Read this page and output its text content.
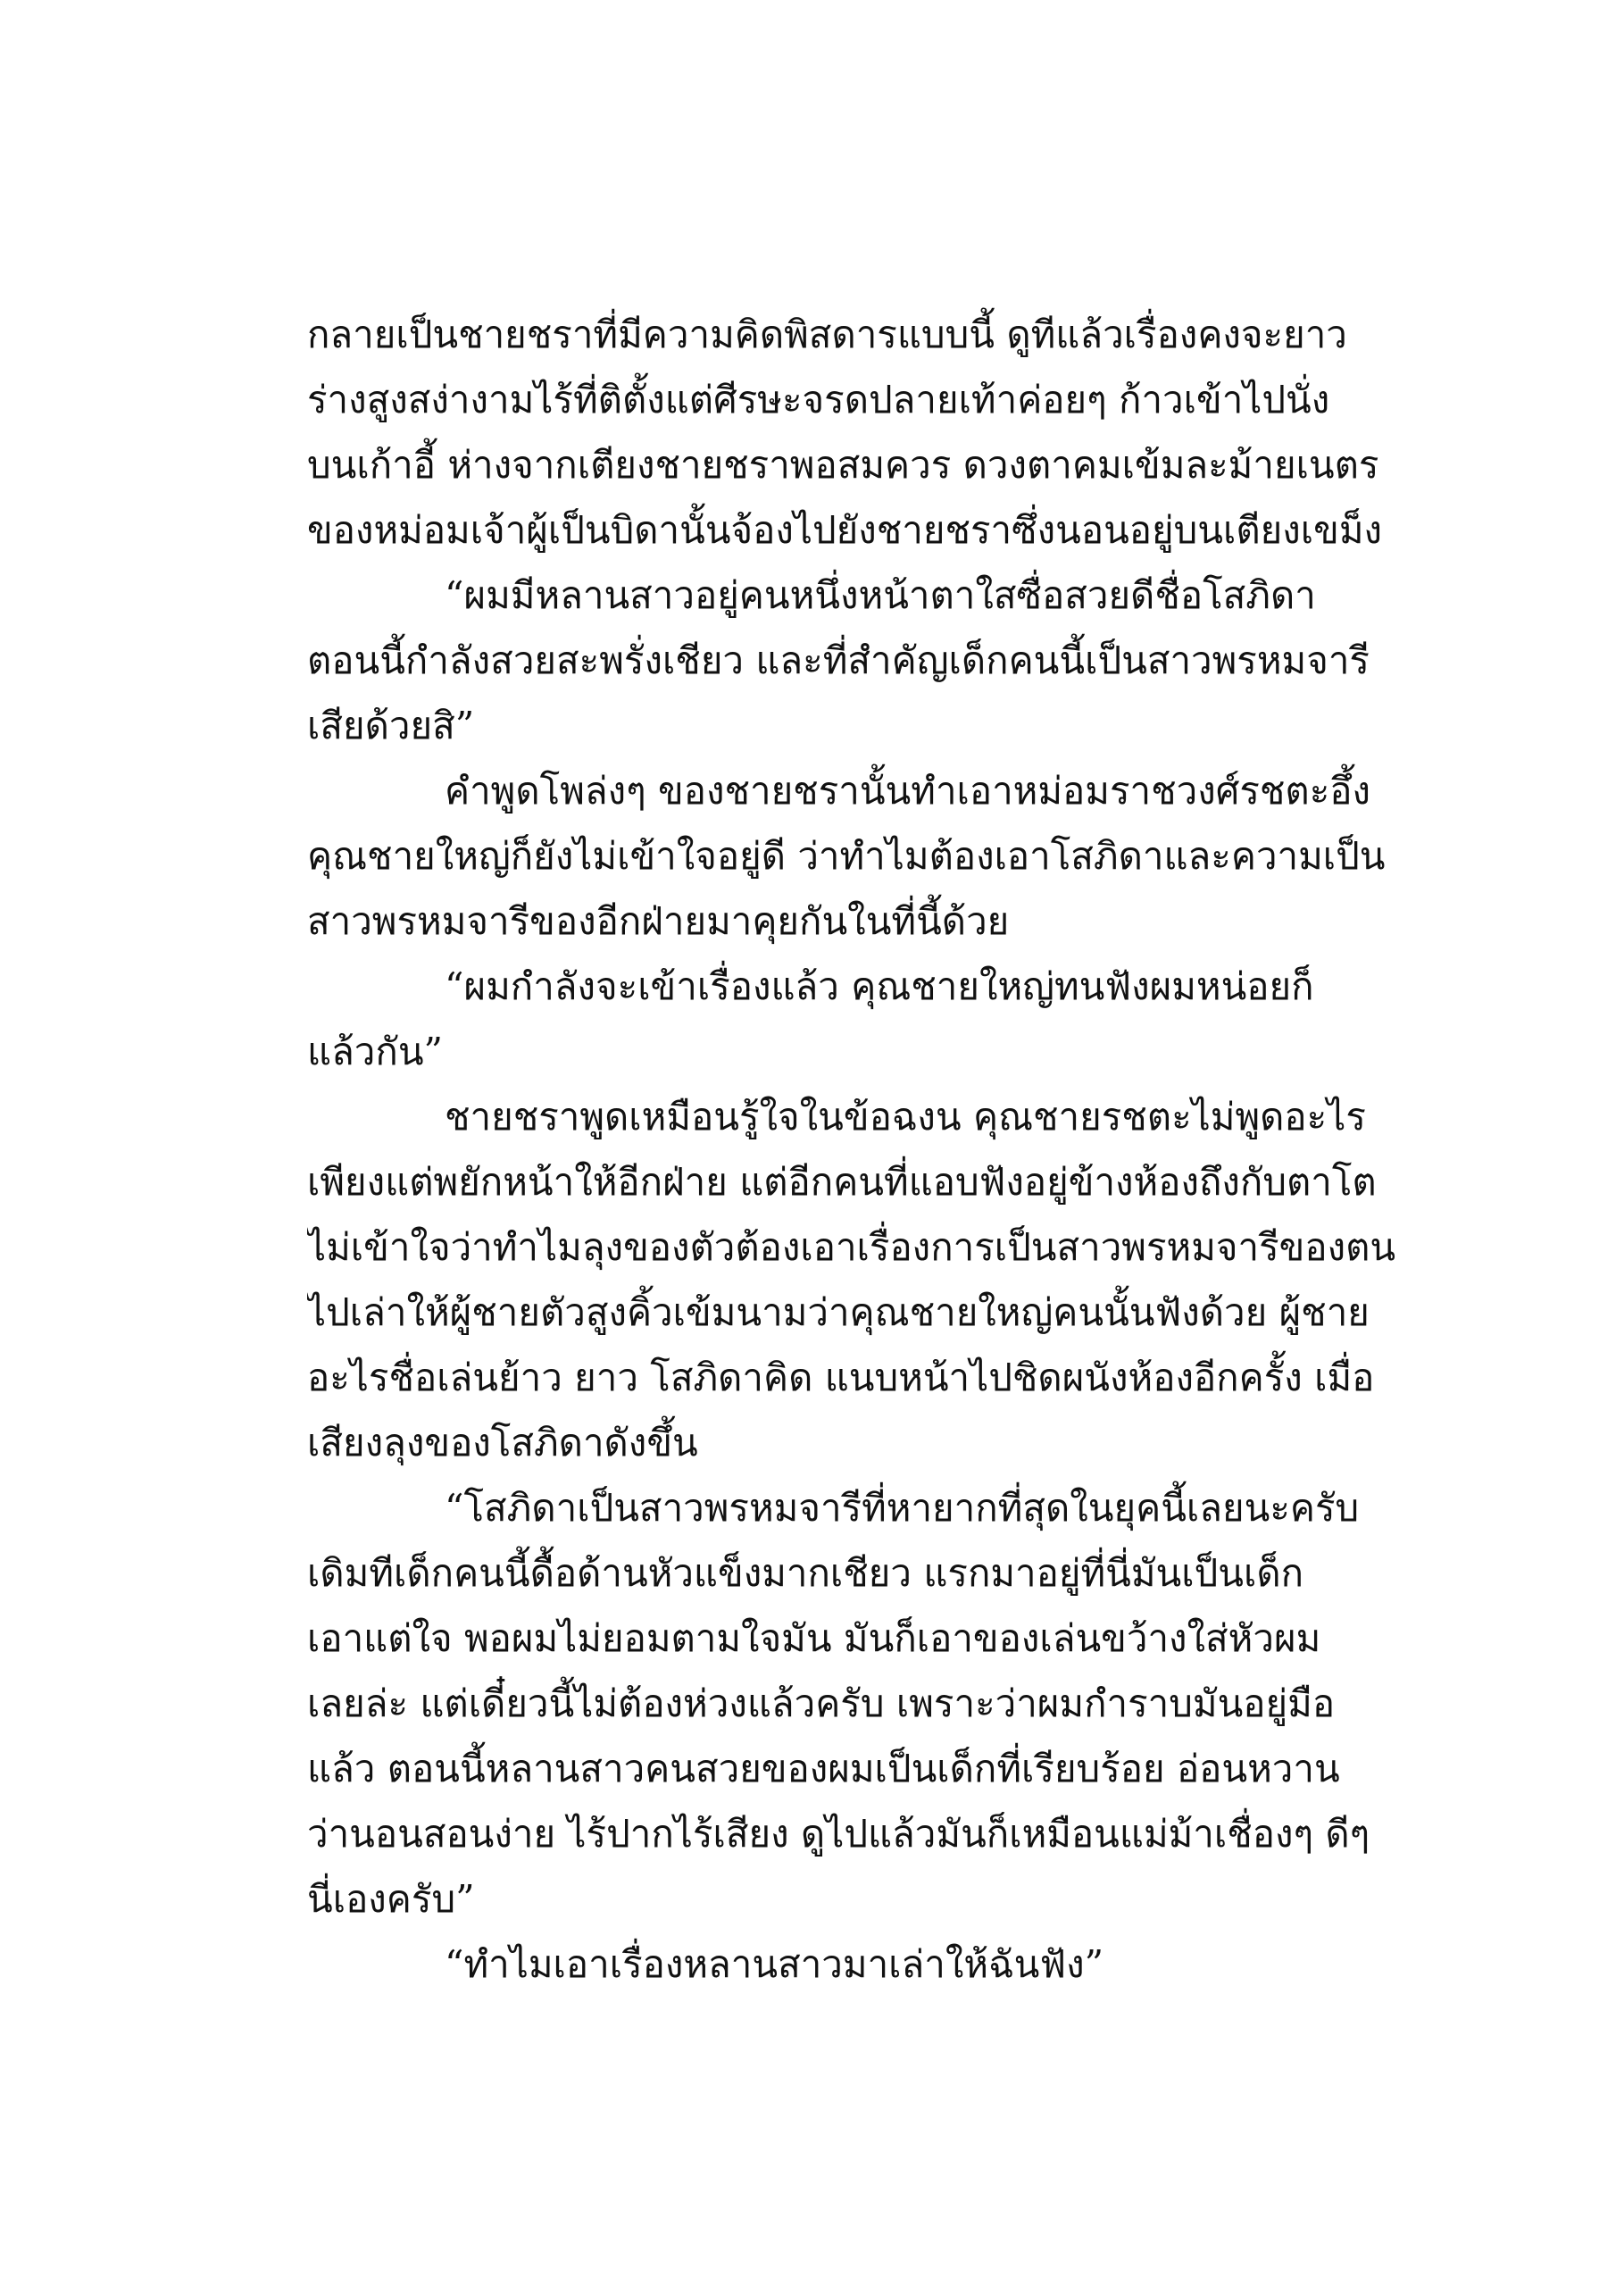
กลายเป็นชายชราที่มีความคิดพิสดารแบบนี้ ดูทีแล้วเรื่องคงจะยาว
ร่างสูงสง่างามไร้ที่ติตั้งแต่ศีรษะจรดปลายเท้าค่อยๆ ก้าวเข้าไปนั่ง
บนเก้าอี้ ห่างจากเตียงชายชราพอสมควร ดวงตาคมเข้มละม้ายเนตร
ของหม่อมเจ้าผู้เป็นบิดานั้นจ้องไปยังชายชราซึ่งนอนอยู่บนเตียงเขม็ง
“ผมมีหลานสาวอยู่คนหนึ่งหน้าตาใสซื่อสวยดีชื่อโสภิดา
ตอนนี้กำลังสวยสะพรั่งเชียว และที่สำคัญเด็กคนนี้เป็นสาวพรหมจารี
เสียด้วยสิ”
คำพูดโพล่งๆ ของชายชรานั้นทำเอาหม่อมราชวงศ์รชตะอึ้ง
คุณชายใหญ่ก็ยังไม่เข้าใจอยู่ดี ว่าทำไมต้องเอาโสภิดาและความเป็น
สาวพรหมจารีของอีกฝ่ายมาคุยกันในที่นี้ด้วย
“ผมกำลังจะเข้าเรื่องแล้ว คุณชายใหญ่ทนฟังผมหน่อยก็
แล้วกัน”
ชายชราพูดเหมือนรู้ใจในข้อฉงน คุณชายรชตะไม่พูดอะไร
เพียงแต่พยักหน้าให้อีกฝ่าย แต่อีกคนที่แอบฟังอยู่ข้างห้องถึงกับตาโต
ไม่เข้าใจว่าทำไมลุงของตัวต้องเอาเรื่องการเป็นสาวพรหมจารีของตน
ไปเล่าให้ผู้ชายตัวสูงคิ้วเข้มนามว่าคุณชายใหญ่คนนั้นฟังด้วย ผู้ชาย
อะไรชื่อเล่นย้าว ยาว โสภิดาคิด แนบหน้าไปชิดผนังห้องอีกครั้ง เมื่อ
เสียงลุงของโสภิดาดังขึ้น
“โสภิดาเป็นสาวพรหมจารีที่หายากที่สุดในยุคนี้เลยนะครับ
เดิมทีเด็กคนนี้ดื้อด้านหัวแข็งมากเชียว แรกมาอยู่ที่นี่มันเป็นเด็ก
เอาแต่ใจ พอผมไม่ยอมตามใจมัน มันก็เอาของเล่นขว้างใส่หัวผม
เลยล่ะ แต่เดี๋ยวนี้ไม่ต้องห่วงแล้วครับ เพราะว่าผมกำราบมันอยู่มือ
แล้ว ตอนนี้หลานสาวคนสวยของผมเป็นเด็กที่เรียบร้อย อ่อนหวาน
ว่านอนสอนง่าย ไร้ปากไร้เสียง ดูไปแล้วมันก็เหมือนแม่ม้าเชื่องๆ ดีๆ
นี่เองครับ”
“ทำไมเอาเรื่องหลานสาวมาเล่าให้ฉันฟัง”
